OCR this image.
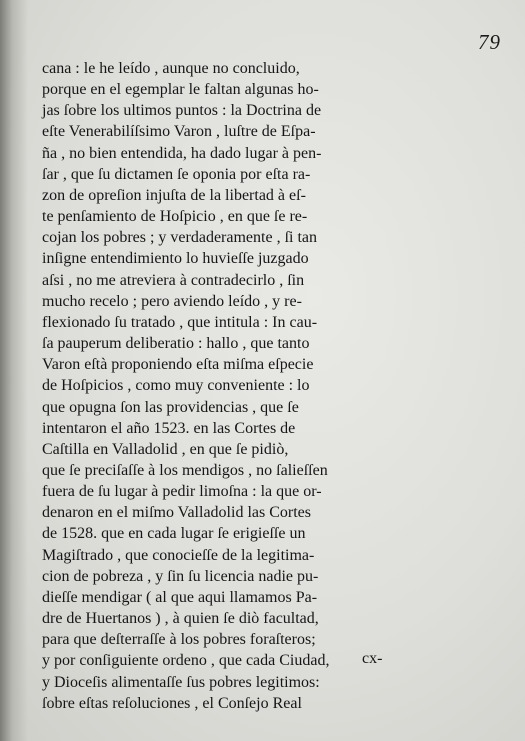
79
cana : le he leído , aunque no concluido,
porque en el egemplar le faltan algunas ho-
jas ſobre los ultimos puntos : la Doctrina de
eſte Venerabilíſsimo Varon , luſtre de Eſpa-
ña , no bien entendida, ha dado lugar à pen-
ſar , que ſu dictamen ſe oponia por eſta ra-
zon de opreſion injuſta de la libertad à eſ-
te penſamiento de Hoſpicio , en que ſe re-
cojan los pobres ; y verdaderamente , ſi tan
inſigne entendimiento lo huvieſſe juzgado
aſsi , no me atreviera à contradecirlo , ſin
mucho recelo ; pero aviendo leído , y re-
flexionado ſu tratado , que intitula : In cau-
ſa pauperum deliberatio : hallo , que tanto
Varon eſtà proponiendo eſta miſma eſpecie
de Hoſpicios , como muy conveniente : lo
que opugna ſon las providencias , que ſe
intentaron el año 1523. en las Cortes de
Caſtilla en Valladolid , en que ſe pidiò,
que ſe preciſaſſe à los mendigos , no ſalieſſen
fuera de ſu lugar à pedir limoſna : la que or-
denaron en el miſmo Valladolid las Cortes
de 1528. que en cada lugar ſe erigieſſe un
Magiſtrado , que conocieſſe de la legitima-
cion de pobreza , y ſin ſu licencia nadie pu-
dieſſe mendigar ( al que aqui llamamos Pa-
dre de Huertanos ) , à quien ſe diò facultad,
para que deſterraſſe à los pobres foraſteros;
y por conſiguiente ordeno , que cada Ciudad,
y Dioceſis alimentaſſe ſus pobres legitimos:
ſobre eſtas reſoluciones , el Conſejo Real
cx-
